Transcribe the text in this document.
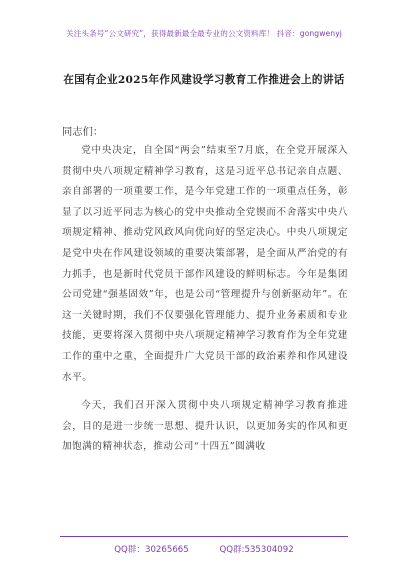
关注头条号“公文研究”，获得最新最全最专业的公文资料库！ 抖音：gongwenyj
在国有企业2025年作风建设学习教育工作推进会上的讲话
同志们：

党中央决定，自全国“两会”结束至7月底，在全党开展深入贯彻中央八项规定精神学习教育，这是习近平总书记亲自点题、亲自部署的一项重要工作，是今年党建工作的一项重点任务，彰显了以习近平同志为核心的党中央推动全党锲而不舍落实中央八项规定精神、推动党风政风向优向好的坚定决心。中央八项规定是党中央在作风建设领域的重要决策部署，是全面从严治党的有力抓手，也是新时代党员干部作风建设的鲜明标志。今年是集团公司党建“强基固效”年，也是公司“管理提升与创新驱动年”。在这一关键时期，我们不仅要强化管理能力、提升业务素质和专业技能，更要将深入贯彻中央八项规定精神学习教育作为全年党建工作的重中之重，全面提升广大党员干部的政治素养和作风建设水平。

今天，我们召开深入贯彻中央八项规定精神学习教育推进会，目的是进一步统一思想、提升认识，以更加务实的作风和更加饱满的精神状态，推动公司“十四五”圆满收

QQ群：30265665	QQ群:535304092
